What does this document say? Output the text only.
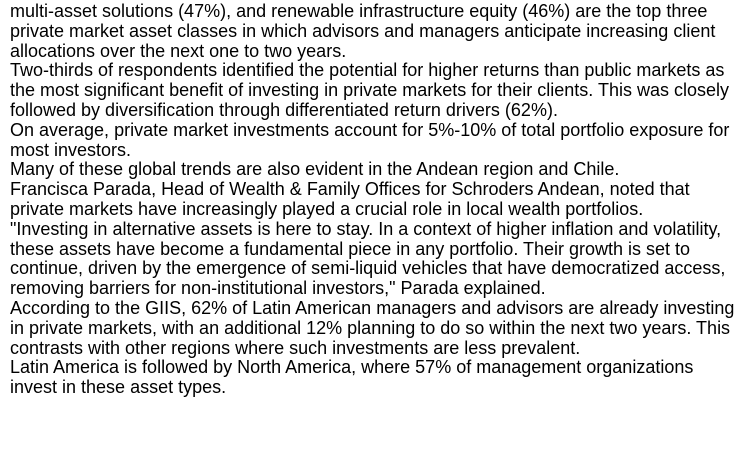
multi-asset solutions (47%), and renewable infrastructure equity (46%) are the top three private market asset classes in which advisors and managers anticipate increasing client allocations over the next one to two years.

Two-thirds of respondents identified the potential for higher returns than public markets as the most significant benefit of investing in private markets for their clients. This was closely followed by diversification through differentiated return drivers (62%).

On average, private market investments account for 5%-10% of total portfolio exposure for most investors.

Many of these global trends are also evident in the Andean region and Chile.

Francisca Parada, Head of Wealth & Family Offices for Schroders Andean, noted that private markets have increasingly played a crucial role in local wealth portfolios.

"Investing in alternative assets is here to stay. In a context of higher inflation and volatility, these assets have become a fundamental piece in any portfolio. Their growth is set to continue, driven by the emergence of semi-liquid vehicles that have democratized access, removing barriers for non-institutional investors," Parada explained.

According to the GIIS, 62% of Latin American managers and advisors are already investing in private markets, with an additional 12% planning to do so within the next two years. This contrasts with other regions where such investments are less prevalent.

Latin America is followed by North America, where 57% of management organizations invest in these asset types.
